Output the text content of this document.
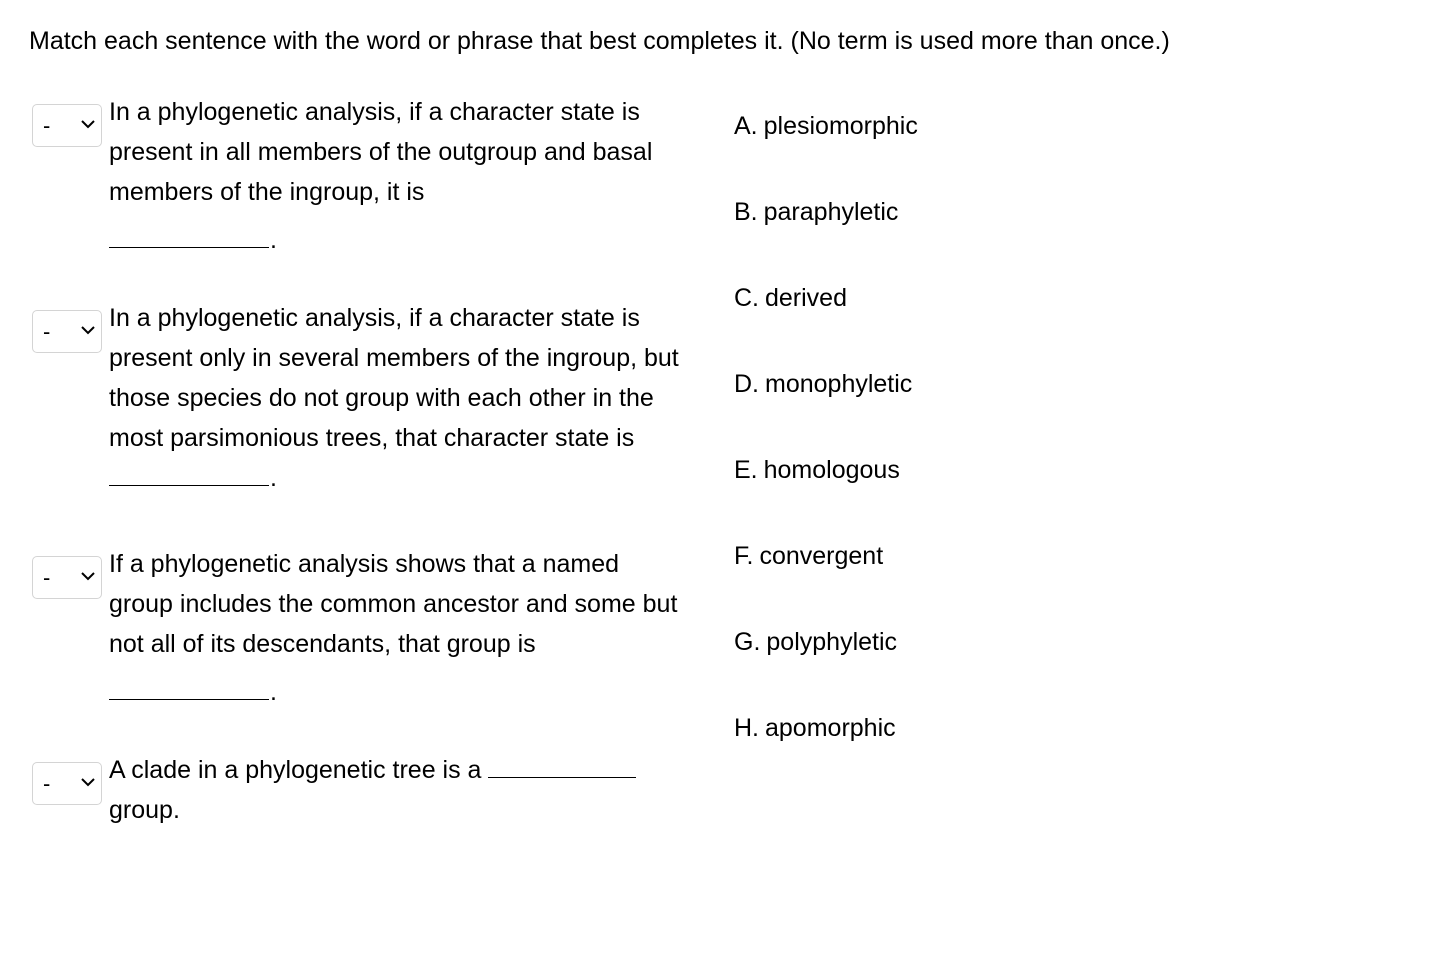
Match each sentence with the word or phrase that best completes it. (No term is used more than once.)
- In a phylogenetic analysis, if a character state is present in all members of the outgroup and basal members of the ingroup, it is
.
- In a phylogenetic analysis, if a character state is present only in several members of the ingroup, but those species do not group with each other in the most parsimonious trees, that character state is .
- If a phylogenetic analysis shows that a named group includes the common ancestor and some but not all of its descendants, that group is
.
- A clade in a phylogenetic tree is a
group.
A. plesiomorphic
B. paraphyletic
C. derived
D. monophyletic
E. homologous
F. convergent
G. polyphyletic
H. apomorphic
